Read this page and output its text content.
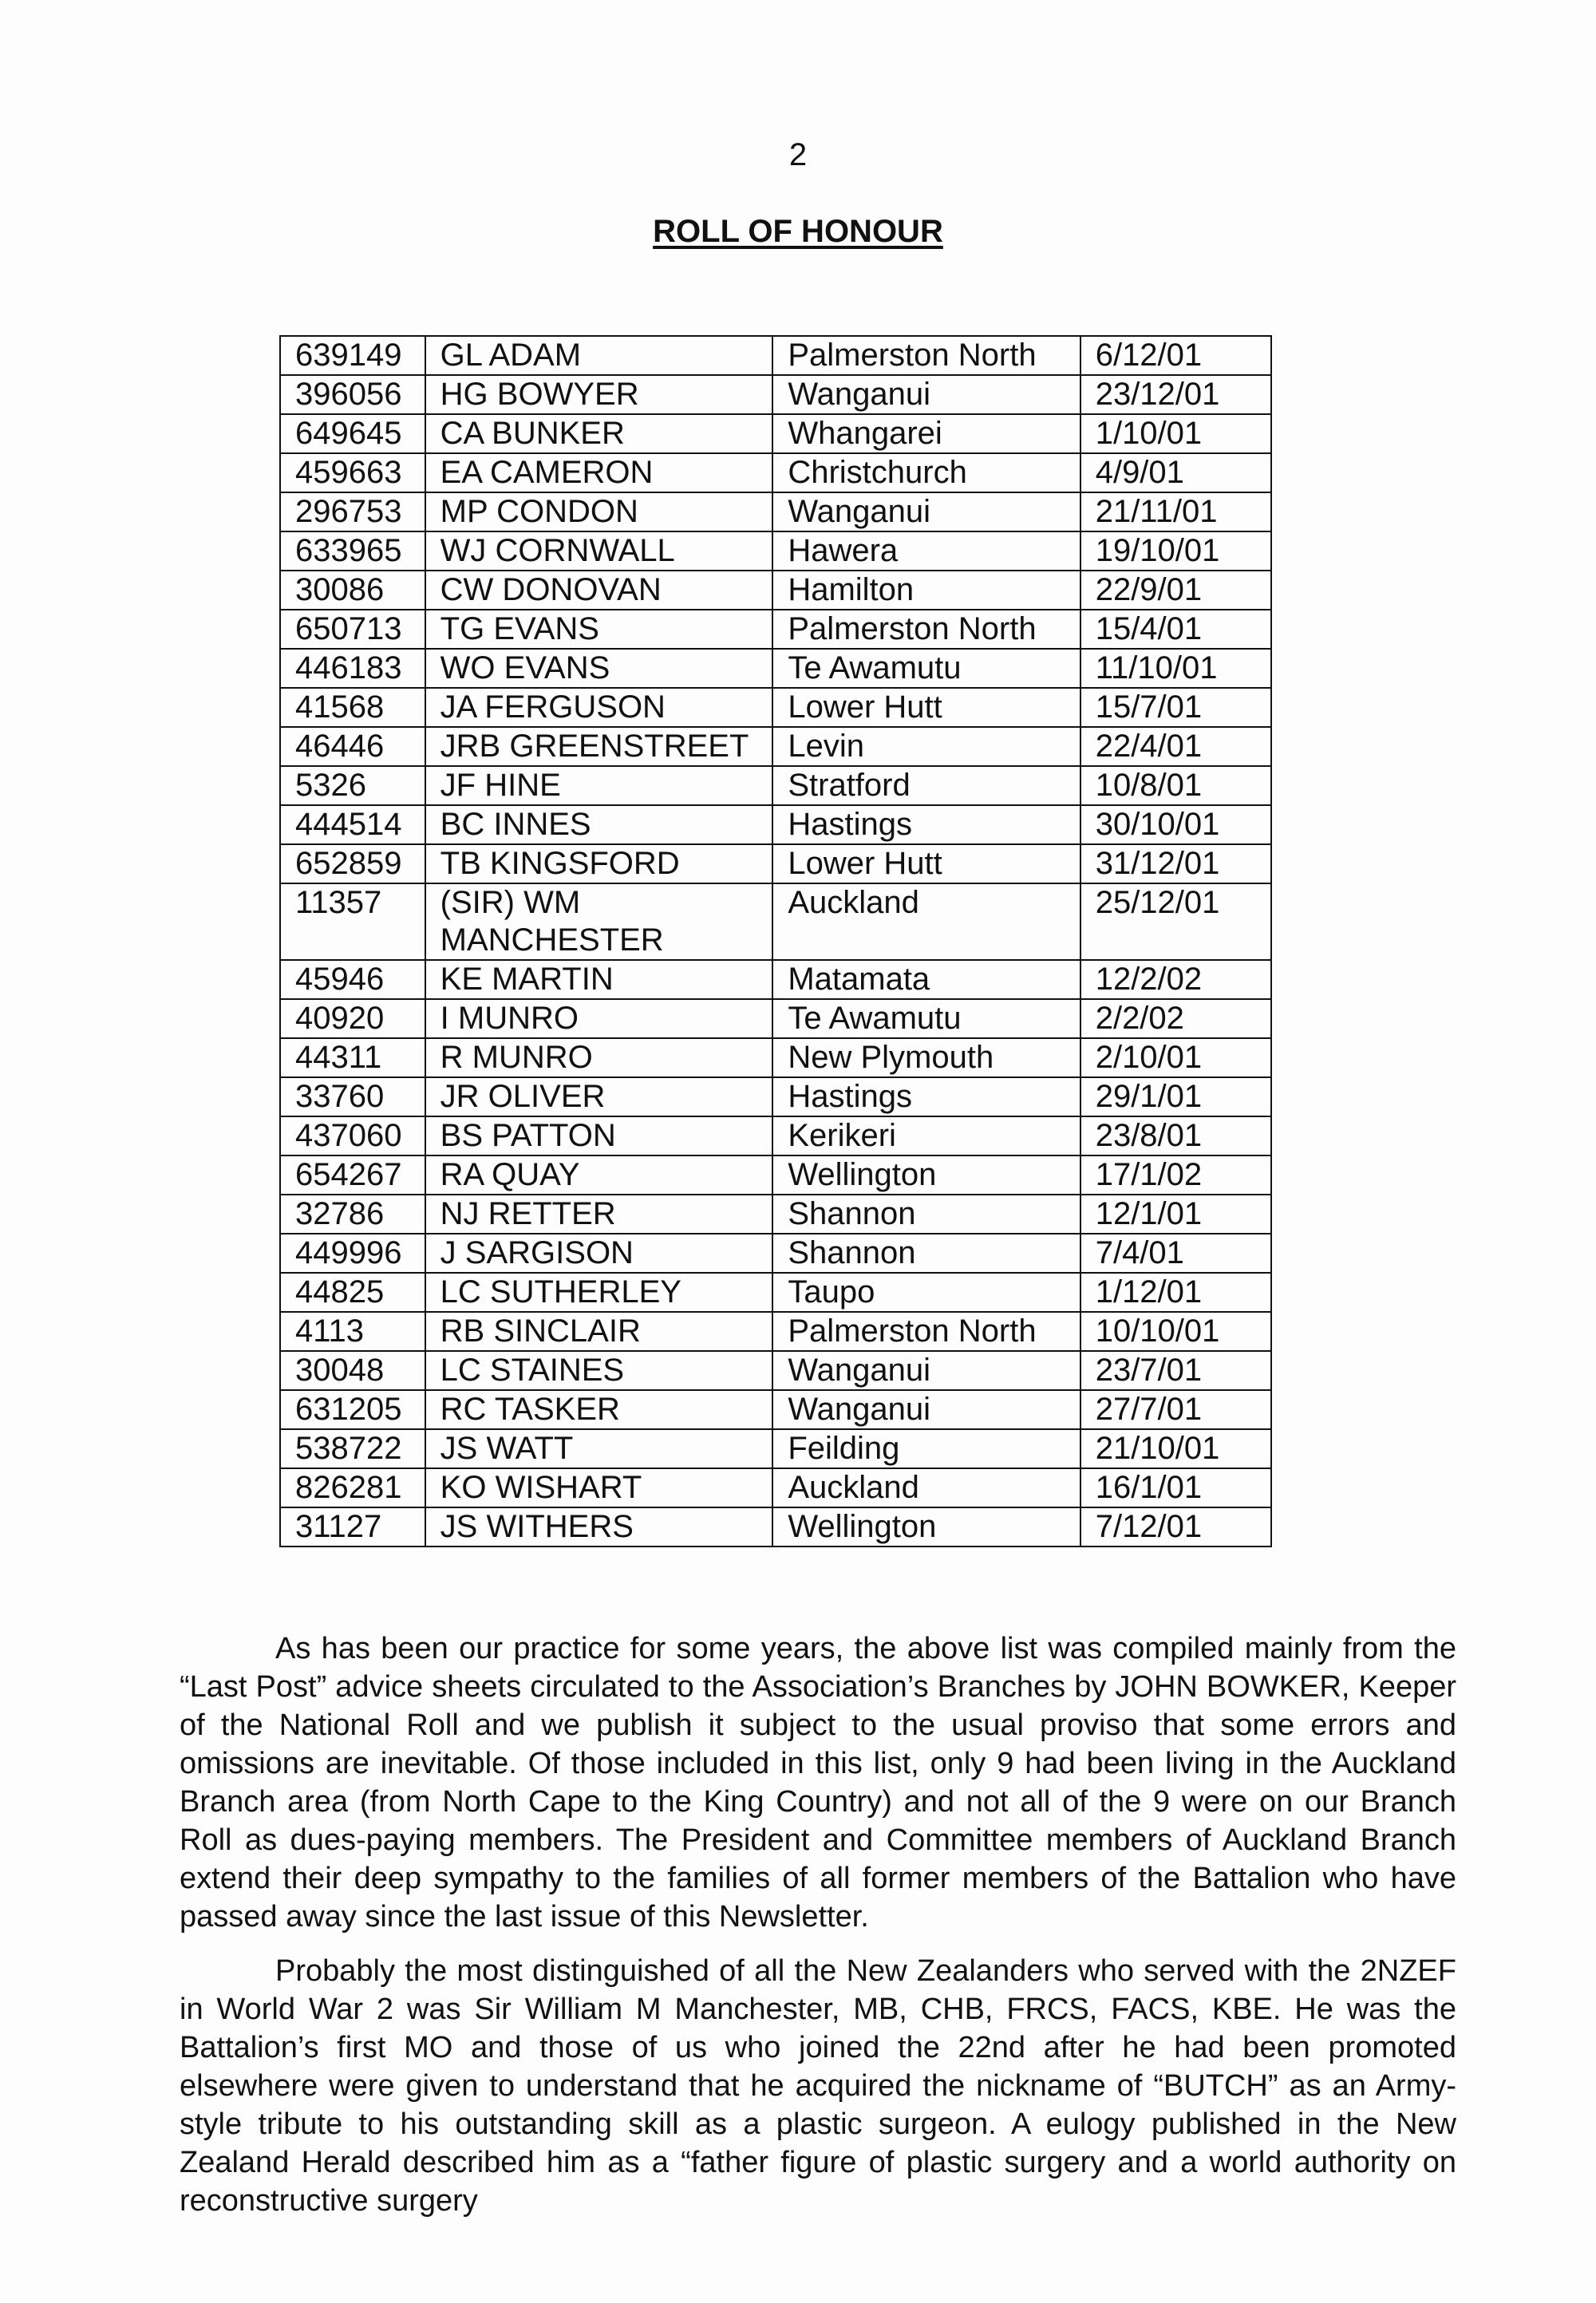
2
ROLL OF HONOUR
639149	GL ADAM	Palmerston North	6/12/01
396056	HG BOWYER	Wanganui	23/12/01
649645	CA BUNKER	Whangarei	1/10/01
459663	EA CAMERON	Christchurch	4/9/01
296753	MP CONDON	Wanganui	21/11/01
633965	WJ CORNWALL	Hawera	19/10/01
30086	CW DONOVAN	Hamilton	22/9/01
650713	TG EVANS	Palmerston North	15/4/01
446183	WO EVANS	Te Awamutu	11/10/01
41568	JA FERGUSON	Lower Hutt	15/7/01
46446	JRB GREENSTREET	Levin	22/4/01
5326	JF HINE	Stratford	10/8/01
444514	BC INNES	Hastings	30/10/01
652859	TB KINGSFORD	Lower Hutt	31/12/01
11357	(SIR) WM MANCHESTER	Auckland	25/12/01
45946	KE MARTIN	Matamata	12/2/02
40920	I MUNRO	Te Awamutu	2/2/02
44311	R MUNRO	New Plymouth	2/10/01
33760	JR OLIVER	Hastings	29/1/01
437060	BS PATTON	Kerikeri	23/8/01
654267	RA QUAY	Wellington	17/1/02
32786	NJ RETTER	Shannon	12/1/01
449996	J SARGISON	Shannon	7/4/01
44825	LC SUTHERLEY	Taupo	1/12/01
4113	RB SINCLAIR	Palmerston North	10/10/01
30048	LC STAINES	Wanganui	23/7/01
631205	RC TASKER	Wanganui	27/7/01
538722	JS WATT	Feilding	21/10/01
826281	KO WISHART	Auckland	16/1/01
31127	JS WITHERS	Wellington	7/12/01

As has been our practice for some years, the above list was compiled mainly from the “Last Post” advice sheets circulated to the Association’s Branches by JOHN BOWKER, Keeper of the National Roll and we publish it subject to the usual proviso that some errors and omissions are inevitable. Of those included in this list, only 9 had been living in the Auckland Branch area (from North Cape to the King Country) and not all of the 9 were on our Branch Roll as dues-paying members. The President and Committee members of Auckland Branch extend their deep sympathy to the families of all former members of the Battalion who have passed away since the last issue of this Newsletter.

Probably the most distinguished of all the New Zealanders who served with the 2NZEF in World War 2 was Sir William M Manchester, MB, CHB, FRCS, FACS, KBE. He was the Battalion’s first MO and those of us who joined the 22nd after he had been promoted elsewhere were given to understand that he acquired the nickname of “BUTCH” as an Army-style tribute to his outstanding skill as a plastic surgeon. A eulogy published in the New Zealand Herald described him as a “father figure of plastic surgery and a world authority on reconstructive surgery
